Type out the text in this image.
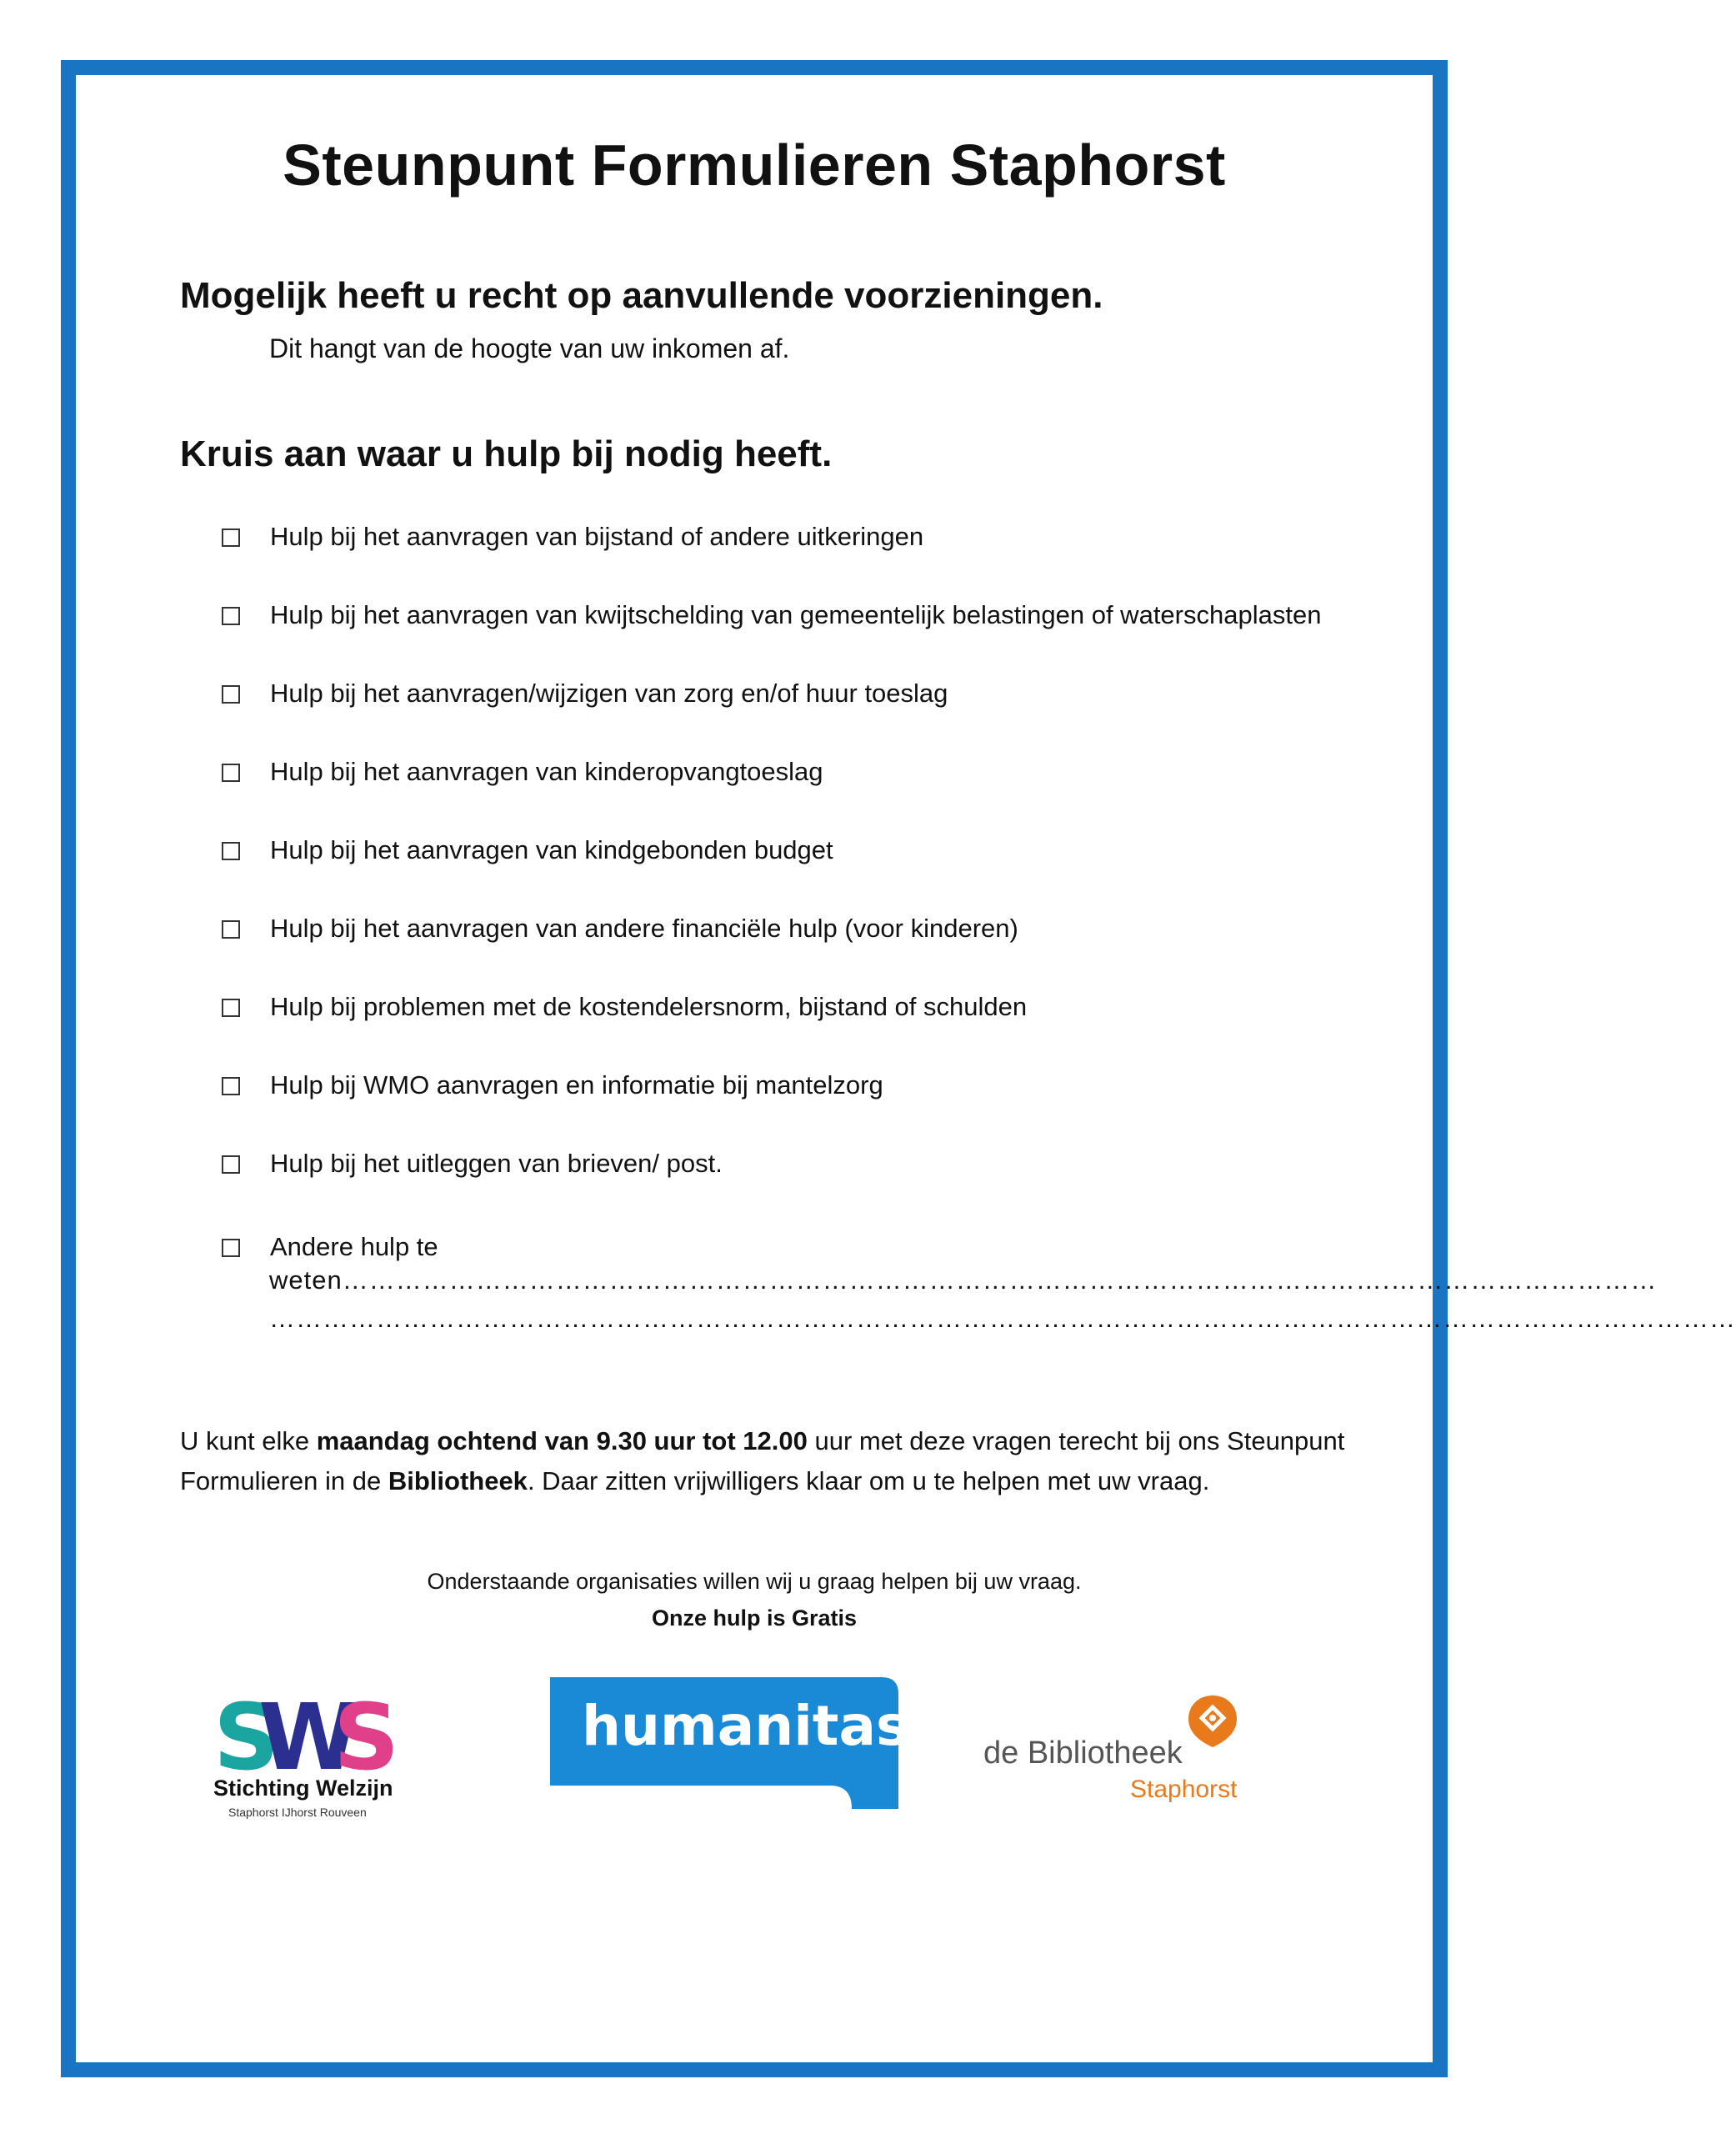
Steunpunt Formulieren Staphorst
Mogelijk heeft u recht op aanvullende voorzieningen.
Dit hangt van de hoogte van uw inkomen af.
Kruis aan waar u hulp bij nodig heeft.
Hulp bij het aanvragen van bijstand of andere uitkeringen
Hulp bij het aanvragen van kwijtschelding van gemeentelijk belastingen of waterschaplasten
Hulp bij het aanvragen/wijzigen van zorg en/of huur toeslag
Hulp bij het aanvragen van kinderopvangtoeslag
Hulp bij het aanvragen van kindgebonden budget
Hulp bij het aanvragen van andere financiële hulp (voor kinderen)
Hulp bij problemen met de kostendelersnorm, bijstand of schulden
Hulp bij WMO aanvragen en informatie bij mantelzorg
Hulp bij het uitleggen van brieven/ post.
Andere hulp te
weten……………………………………………………………………………………………………….…………………………
…………………………………………………………………………………………………………………………………………………
U kunt elke maandag ochtend van 9.30 uur tot 12.00 uur met deze vragen terecht bij ons Steunpunt Formulieren in de Bibliotheek. Daar zitten vrijwilligers klaar om u te helpen met uw vraag.
Onderstaande organisaties willen wij u graag helpen bij uw vraag.
Onze hulp is Gratis
S
W
S
Stichting Welzijn
Staphorst IJhorst Rouveen
humanitas de Bibliotheek
Staphorst
